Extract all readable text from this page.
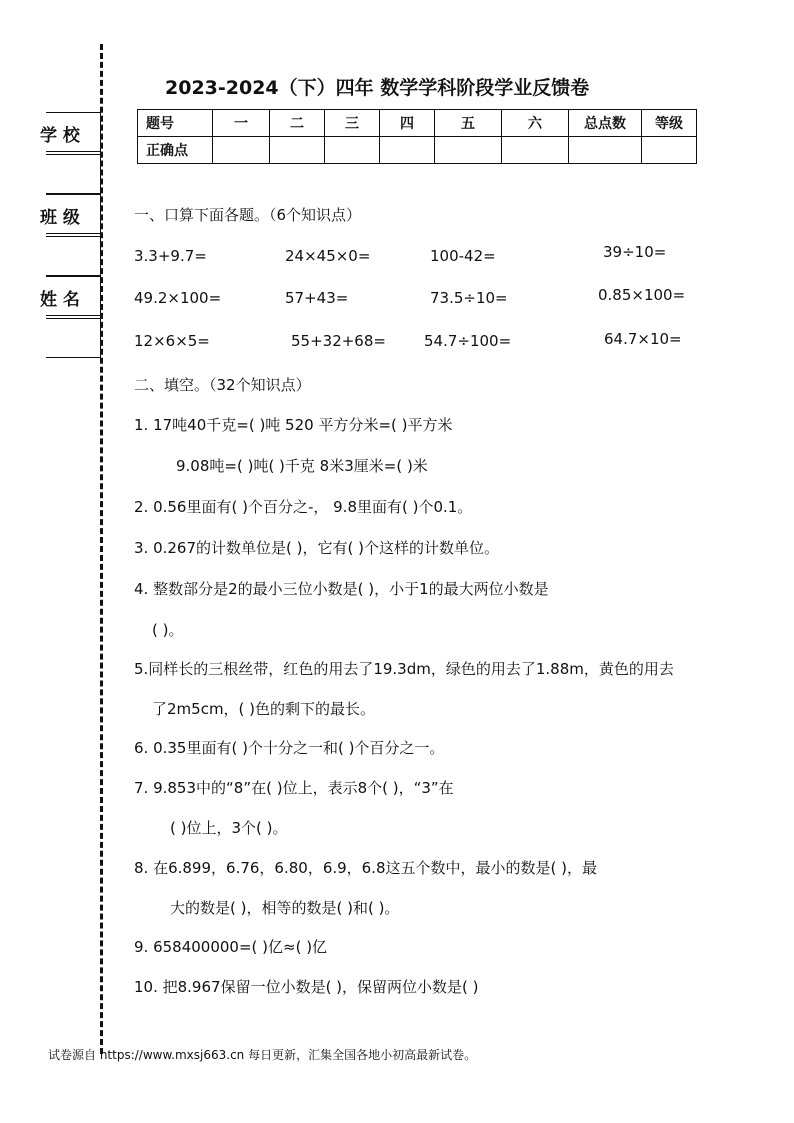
学 校
班 级
姓 名
2023-2024（下）四年 数学学科阶段学业反馈卷
题号	一	二	三	四	五	六	总点数	等级
正确点								
一、口算下面各题。（6个知识点）
3.3+9.7=	24×45×0=	100-42=	39÷10=
49.2×100=	57+43=	73.5÷10=	0.85×100=
12×6×5=	55+32+68=	54.7÷100=	64.7×10=
二、填空。（32个知识点）
1. 17吨40千克=( )吨 520 平方分米=( )平方米
9.08吨=( )吨( )千克 8米3厘米=( )米
2. 0.56里面有( )个百分之-， 9.8里面有( )个0.1。
3. 0.267的计数单位是( )，它有( )个这样的计数单位。
4. 整数部分是2的最小三位小数是( )，小于1的最大两位小数是
( )。
5.同样长的三根丝带，红色的用去了19.3dm，绿色的用去了1.88m，黄色的用去
了2m5cm，( )色的剩下的最长。
6. 0.35里面有( )个十分之一和( )个百分之一。
7. 9.853中的“8”在( )位上，表示8个( )，“3”在
( )位上，3个( )。
8. 在6.899，6.76，6.80，6.9，6.8这五个数中，最小的数是( )，最
大的数是( )，相等的数是( )和( )。
9. 658400000=( )亿≈( )亿
10. 把8.967保留一位小数是( )，保留两位小数是( )
试卷源自 https://www.mxsj663.cn 每日更新，汇集全国各地小初高最新试卷。
